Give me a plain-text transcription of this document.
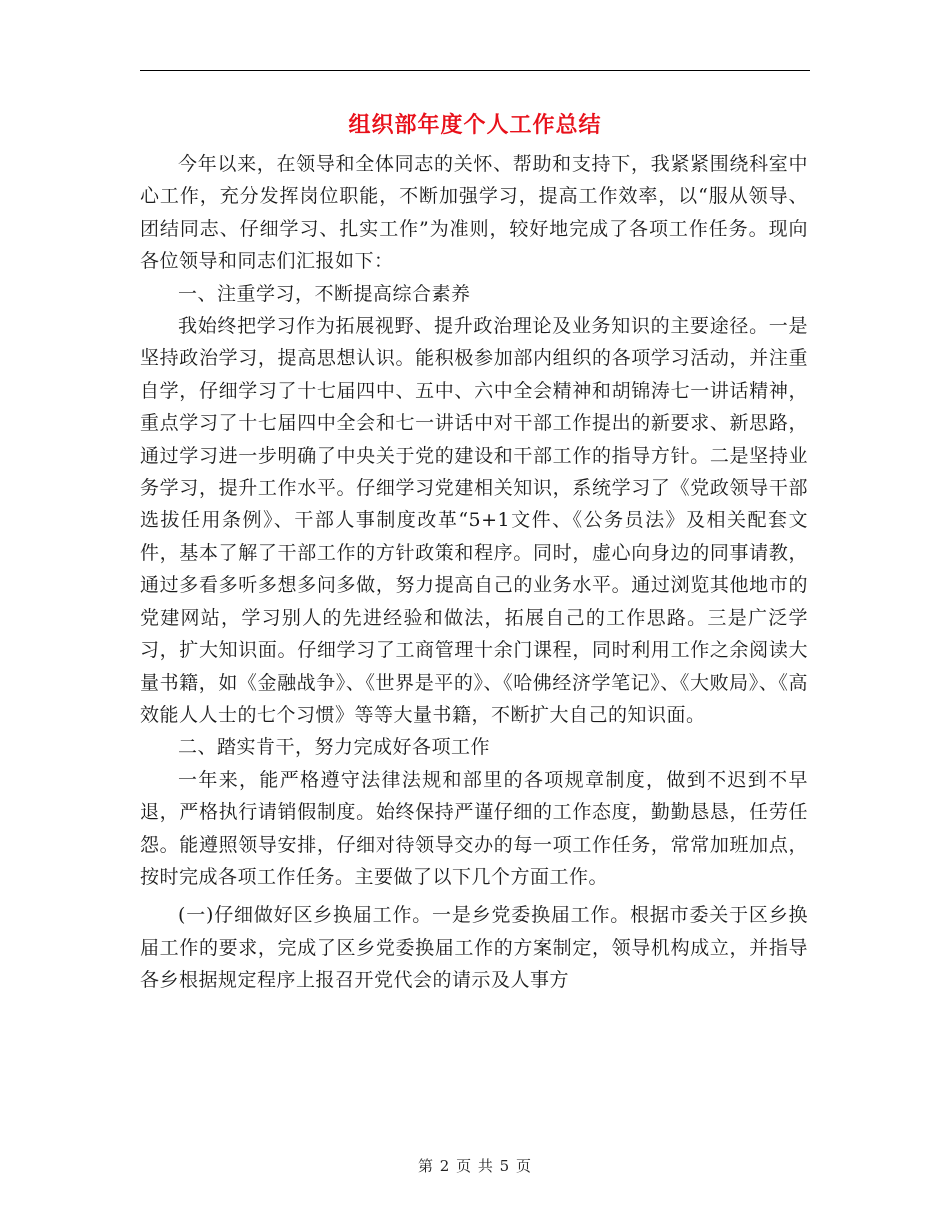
组织部年度个人工作总结

今年以来，在领导和全体同志的关怀、帮助和支持下，我紧紧围绕科室中心工作，充分发挥岗位职能，不断加强学习，提高工作效率，以“服从领导、团结同志、仔细学习、扎实工作”为准则，较好地完成了各项工作任务。现向各位领导和同志们汇报如下：

一、注重学习，不断提高综合素养

我始终把学习作为拓展视野、提升政治理论及业务知识的主要途径。一是坚持政治学习，提高思想认识。能积极参加部内组织的各项学习活动，并注重自学，仔细学习了十七届四中、五中、六中全会精神和胡锦涛七一讲话精神，重点学习了十七届四中全会和七一讲话中对干部工作提出的新要求、新思路，通过学习进一步明确了中央关于党的建设和干部工作的指导方针。二是坚持业务学习，提升工作水平。仔细学习党建相关知识，系统学习了《党政领导干部选拔任用条例》、干部人事制度改革“5+1文件、《公务员法》及相关配套文件，基本了解了干部工作的方针政策和程序。同时，虚心向身边的同事请教，通过多看多听多想多问多做，努力提高自己的业务水平。通过浏览其他地市的党建网站，学习别人的先进经验和做法，拓展自己的工作思路。三是广泛学习，扩大知识面。仔细学习了工商管理十余门课程，同时利用工作之余阅读大量书籍，如《金融战争》、《世界是平的》、《哈佛经济学笔记》、《大败局》、《高效能人人士的七个习惯》等等大量书籍，不断扩大自己的知识面。

二、踏实肯干，努力完成好各项工作

一年来，能严格遵守法律法规和部里的各项规章制度，做到不迟到不早退，严格执行请销假制度。始终保持严谨仔细的工作态度，勤勤恳恳，任劳任怨。能遵照领导安排，仔细对待领导交办的每一项工作任务，常常加班加点，按时完成各项工作任务。主要做了以下几个方面工作。

(一)仔细做好区乡换届工作。一是乡党委换届工作。根据市委关于区乡换届工作的要求，完成了区乡党委换届工作的方案制定，领导机构成立，并指导各乡根据规定程序上报召开党代会的请示及人事方

第 2 页 共 5 页
